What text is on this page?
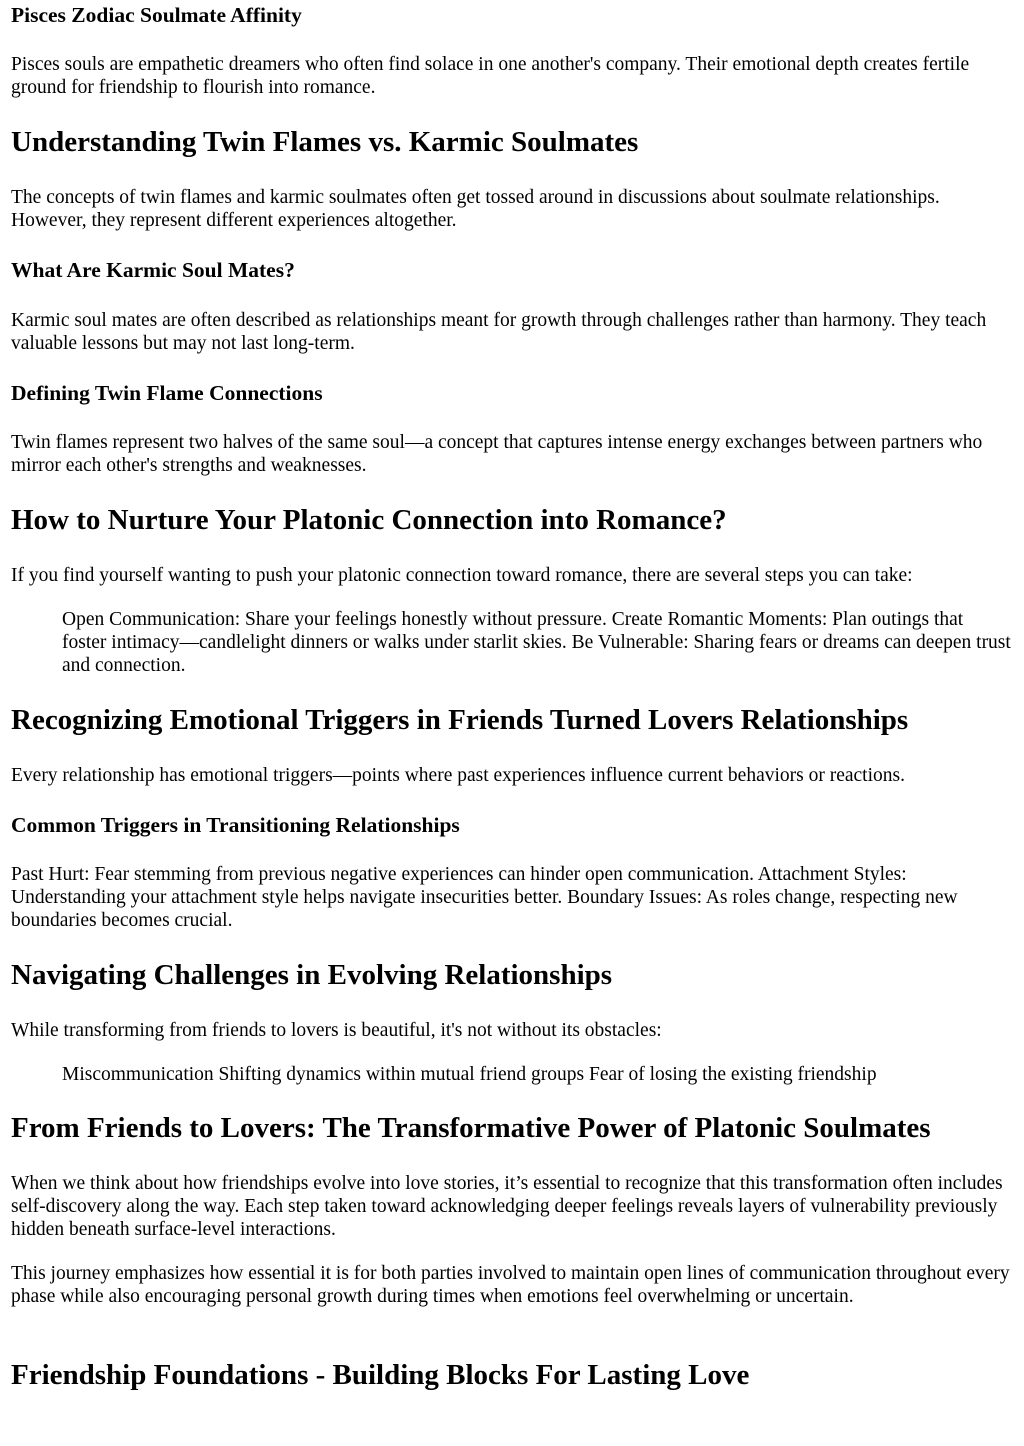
Pisces Zodiac Soulmate Affinity

Pisces souls are empathetic dreamers who often find solace in one another's company. Their emotional depth creates fertile ground for friendship to flourish into romance.

Understanding Twin Flames vs. Karmic Soulmates

The concepts of twin flames and karmic soulmates often get tossed around in discussions about soulmate relationships. However, they represent different experiences altogether.

What Are Karmic Soul Mates?

Karmic soul mates are often described as relationships meant for growth through challenges rather than harmony. They teach valuable lessons but may not last long-term.

Defining Twin Flame Connections

Twin flames represent two halves of the same soul—a concept that captures intense energy exchanges between partners who mirror each other's strengths and weaknesses.

How to Nurture Your Platonic Connection into Romance?

If you find yourself wanting to push your platonic connection toward romance, there are several steps you can take:

Open Communication: Share your feelings honestly without pressure. Create Romantic Moments: Plan outings that foster intimacy—candlelight dinners or walks under starlit skies. Be Vulnerable: Sharing fears or dreams can deepen trust and connection.
Recognizing Emotional Triggers in Friends Turned Lovers Relationships

Every relationship has emotional triggers—points where past experiences influence current behaviors or reactions.

Common Triggers in Transitioning Relationships

Past Hurt: Fear stemming from previous negative experiences can hinder open communication. Attachment Styles: Understanding your attachment style helps navigate insecurities better. Boundary Issues: As roles change, respecting new boundaries becomes crucial.

Navigating Challenges in Evolving Relationships

While transforming from friends to lovers is beautiful, it's not without its obstacles:

Miscommunication Shifting dynamics within mutual friend groups Fear of losing the existing friendship
From Friends to Lovers: The Transformative Power of Platonic Soulmates

When we think about how friendships evolve into love stories, it’s essential to recognize that this transformation often includes self-discovery along the way. Each step taken toward acknowledging deeper feelings reveals layers of vulnerability previously hidden beneath surface-level interactions.

This journey emphasizes how essential it is for both parties involved to maintain open lines of communication throughout every phase while also encouraging personal growth during times when emotions feel overwhelming or uncertain.

Friendship Foundations - Building Blocks For Lasting Love
